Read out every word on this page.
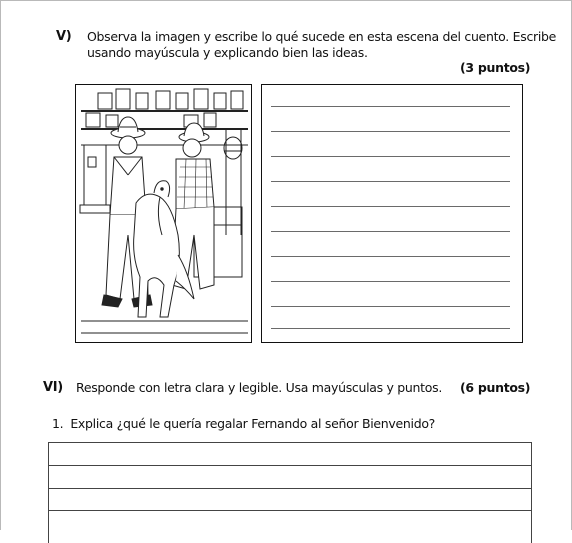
V) Observa la imagen y escribe lo qué sucede en esta escena del cuento. Escribe
usando mayúscula y explicando bien las ideas.
(3 puntos)
VI) Responde con letra clara y legible. Usa mayúsculas y puntos. (6 puntos)
1. Explica ¿qué le quería regalar Fernando al señor Bienvenido?
